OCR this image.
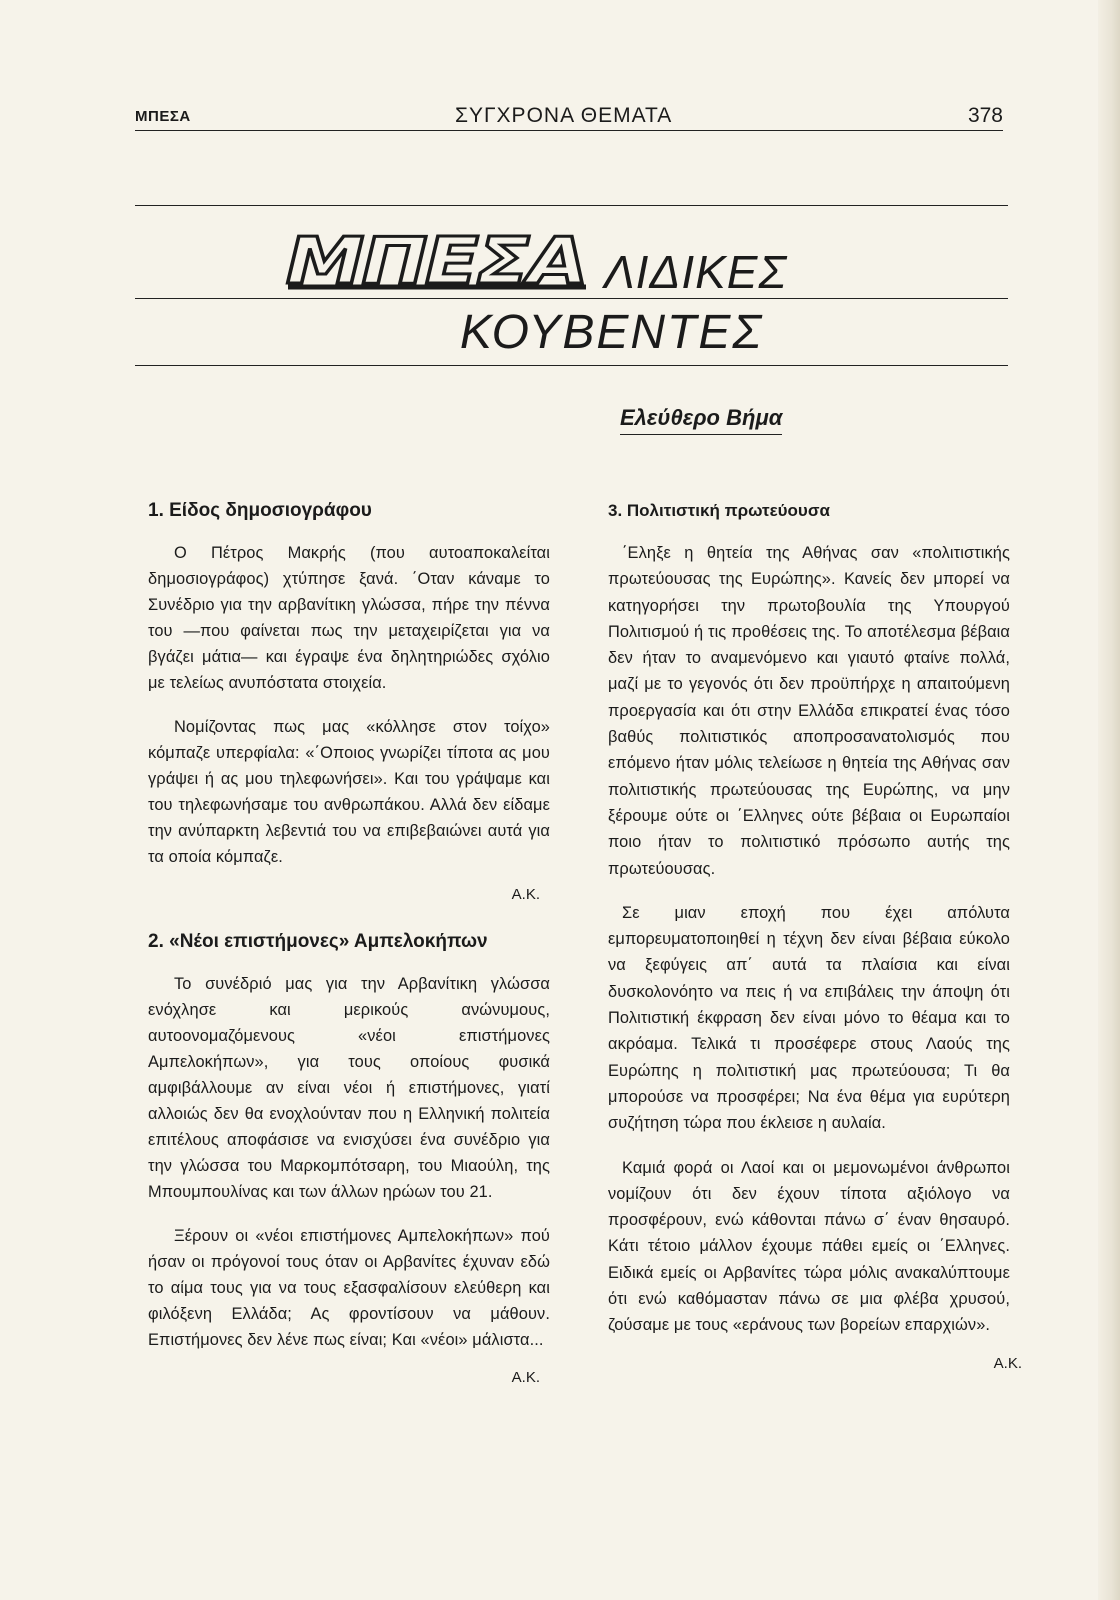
ΜΠΕΣΑ	ΣΥΓΧΡΟΝΑ ΘΕΜΑΤΑ	378
ΜΠΕΣΑ ΛΙΔΙΚΕΣ
ΚΟΥΒΕΝΤΕΣ
Ελεύθερο Βήμα
1. Είδος δημοσιογράφου

Ο Πέτρος Μακρής (που αυτοαποκαλείται δημοσιογράφος) χτύπησε ξανά. ΄Οταν κάναμε το Συνέδριο για την αρβανίτικη γλώσσα, πήρε την πέννα του —που φαίνεται πως την μεταχειρίζεται για να βγάζει μάτια— και έγραψε ένα δηλητηριώδες σχόλιο με τελείως ανυπόστατα στοιχεία.

Νομίζοντας πως μας «κόλλησε στον τοίχο» κόμπαζε υπερφίαλα: «΄Οποιος γνωρίζει τίποτα ας μου γράψει ή ας μου τηλεφωνήσει». Και του γράψαμε και του τηλεφωνήσαμε του ανθρωπάκου. Αλλά δεν είδαμε την ανύπαρκτη λεβεντιά του να επιβεβαιώνει αυτά για τα οποία κόμπαζε.

Α.Κ.
2. «Νέοι επιστήμονες» Αμπελοκήπων

Το συνέδριό μας για την Αρβανίτικη γλώσσα ενόχλησε και μερικούς ανώνυμους, αυτοονομαζόμενους «νέοι επιστήμονες Αμπελοκήπων», για τους οποίους φυσικά αμφιβάλλουμε αν είναι νέοι ή επιστήμονες, γιατί αλλοιώς δεν θα ενοχλούνταν που η Ελληνική πολιτεία επιτέλους αποφάσισε να ενισχύσει ένα συνέδριο για την γλώσσα του Μαρκομπότσαρη, του Μιαούλη, της Μπουμπουλίνας και των άλλων ηρώων του 21.

Ξέρουν οι «νέοι επιστήμονες Αμπελοκήπων» πού ήσαν οι πρόγονοί τους όταν οι Αρβανίτες έχυναν εδώ το αίμα τους για να τους εξασφαλίσουν ελεύθερη και φιλόξενη Ελλάδα; Ας φροντίσουν να μάθουν. Επιστήμονες δεν λένε πως είναι; Και «νέοι» μάλιστα...

Α.Κ.
3. Πολιτιστική πρωτεύουσα

΄Εληξε η θητεία της Αθήνας σαν «πολιτιστικής πρωτεύουσας της Ευρώπης». Κανείς δεν μπορεί να κατηγορήσει την πρωτοβουλία της Υπουργού Πολιτισμού ή τις προθέσεις της. Το αποτέλεσμα βέβαια δεν ήταν το αναμενόμενο και γιαυτό φταίνε πολλά, μαζί με το γεγονός ότι δεν προϋπήρχε η απαιτούμενη προεργασία και ότι στην Ελλάδα επικρατεί ένας τόσο βαθύς πολιτιστικός αποπροσανατολισμός που επόμενο ήταν μόλις τελείωσε η θητεία της Αθήνας σαν πολιτιστικής πρωτεύουσας της Ευρώπης, να μην ξέρουμε ούτε οι ΄Ελληνες ούτε βέβαια οι Ευρωπαίοι ποιο ήταν το πολιτιστικό πρόσωπο αυτής της πρωτεύουσας.

Σε μιαν εποχή που έχει απόλυτα εμπορευματοποιηθεί η τέχνη δεν είναι βέβαια εύκολο να ξεφύγεις απ΄ αυτά τα πλαίσια και είναι δυσκολονόητο να πεις ή να επιβάλεις την άποψη ότι Πολιτιστική έκφραση δεν είναι μόνο το θέαμα και το ακρόαμα. Τελικά τι προσέφερε στους Λαούς της Ευρώπης η πολιτιστική μας πρωτεύουσα; Τι θα μπορούσε να προσφέρει; Να ένα θέμα για ευρύτερη συζήτηση τώρα που έκλεισε η αυλαία.

Καμιά φορά οι Λαοί και οι μεμονωμένοι άνθρωποι νομίζουν ότι δεν έχουν τίποτα αξιόλογο να προσφέρουν, ενώ κάθονται πάνω σ΄ έναν θησαυρό. Κάτι τέτοιο μάλλον έχουμε πάθει εμείς οι ΄Ελληνες. Ειδικά εμείς οι Αρβανίτες τώρα μόλις ανακαλύπτουμε ότι ενώ καθόμασταν πάνω σε μια φλέβα χρυσού, ζούσαμε με τους «εράνους των βορείων επαρχιών».

Α.Κ.
